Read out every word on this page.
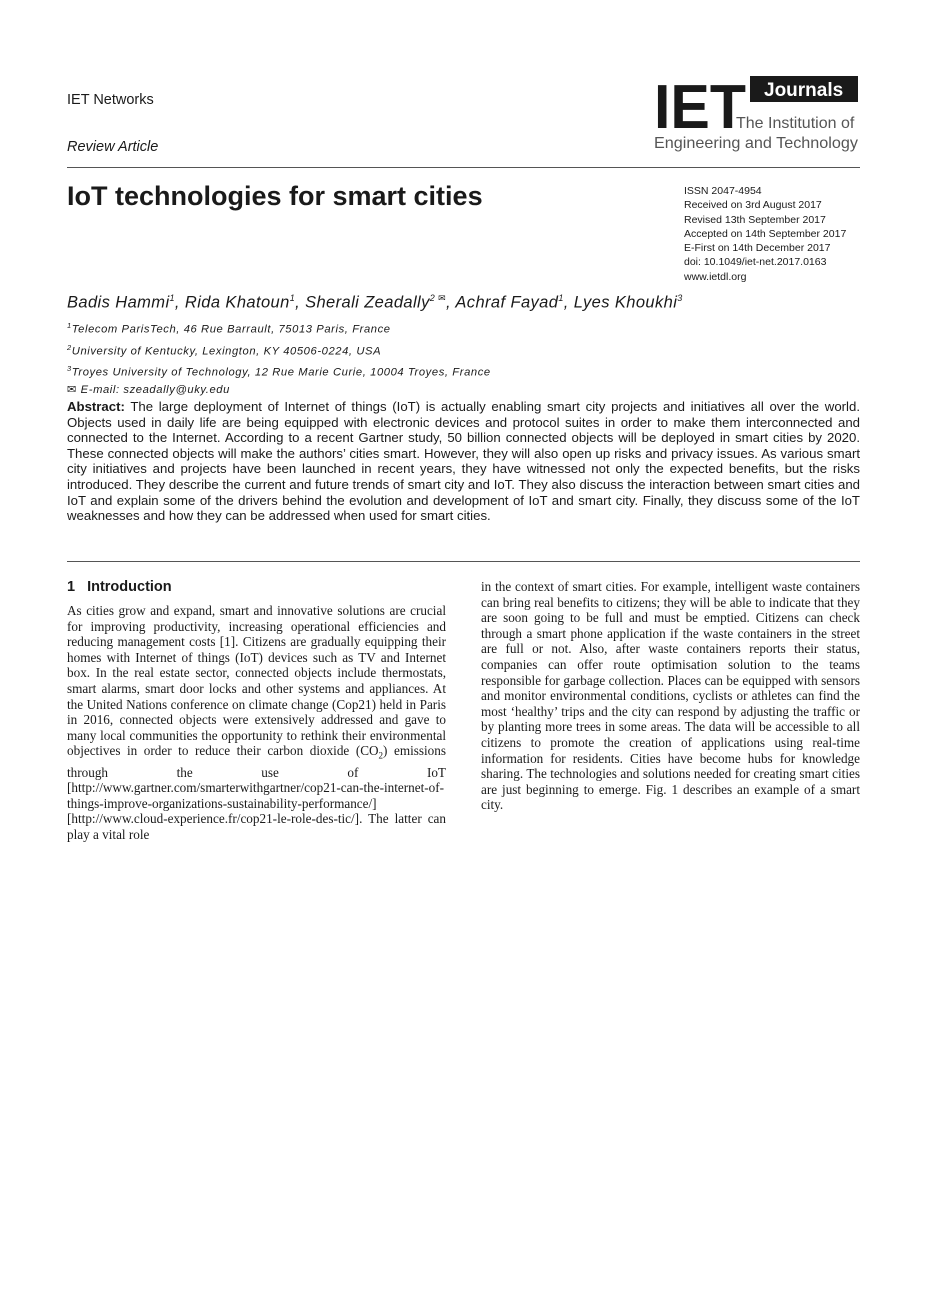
IET Networks
Review Article
IET Journals
The Institution of
Engineering and Technology
IoT technologies for smart cities	ISSN 2047-4954
Received on 3rd August 2017
Revised 13th September 2017
Accepted on 14th September 2017
E-First on 14th December 2017
doi: 10.1049/iet-net.2017.0163
www.ietdl.org
Badis Hammi$^1$, Rida Khatoun$^1$, Sherali Zeadally$^{2 ✉}$, Achraf Fayad$^1$, Lyes Khoukhi$^3$
$^1$Telecom ParisTech, 46 Rue Barrault, 75013 Paris, France
$^2$University of Kentucky, Lexington, KY 40506-0224, USA
$^3$Troyes University of Technology, 12 Rue Marie Curie, 10004 Troyes, France
✉ E-mail: szeadally@uky.edu
Abstract: The large deployment of Internet of things (IoT) is actually enabling smart city projects and initiatives all over the world. Objects used in daily life are being equipped with electronic devices and protocol suites in order to make them interconnected and connected to the Internet. According to a recent Gartner study, 50 billion connected objects will be deployed in smart cities by 2020. These connected objects will make the authors’ cities smart. However, they will also open up risks and privacy issues. As various smart city initiatives and projects have been launched in recent years, they have witnessed not only the expected benefits, but the risks introduced. They describe the current and future trends of smart city and IoT. They also discuss the interaction between smart cities and IoT and explain some of the drivers behind the evolution and development of IoT and smart city. Finally, they discuss some of the IoT weaknesses and how they can be addressed when used for smart cities.
1 Introduction
As cities grow and expand, smart and innovative solutions are crucial for improving productivity, increasing operational efficiencies and reducing management costs [1]. Citizens are gradually equipping their homes with Internet of things (IoT) devices such as TV and Internet box. In the real estate sector, connected objects include thermostats, smart alarms, smart door locks and other systems and appliances. At the United Nations conference on climate change (Cop21) held in Paris in 2016, connected objects were extensively addressed and gave to many local communities the opportunity to rethink their environmental objectives in order to reduce their carbon dioxide $(CO_2)$ emissions through the use of IoT [http://www.gartner.com/smarterwithgartner/cop21-can-the-internet-of-things-improve-organizations-sustainability-performance/] [http://www.cloud-experience.fr/cop21-le-role-des-tic/]. The latter can play a vital role
in the context of smart cities. For example, intelligent waste containers can bring real benefits to citizens; they will be able to indicate that they are soon going to be full and must be emptied. Citizens can check through a smart phone application if the waste containers in the street are full or not. Also, after waste containers reports their status, companies can offer route optimisation solution to the teams responsible for garbage collection. Places can be equipped with sensors and monitor environmental conditions, cyclists or athletes can find the most ‘healthy’ trips and the city can respond by adjusting the traffic or by planting more trees in some areas. The data will be accessible to all citizens to promote the creation of applications using real-time information for residents. Cities have become hubs for knowledge sharing. The technologies and solutions needed for creating smart cities are just beginning to emerge. Fig. 1 describes an example of a smart city.
